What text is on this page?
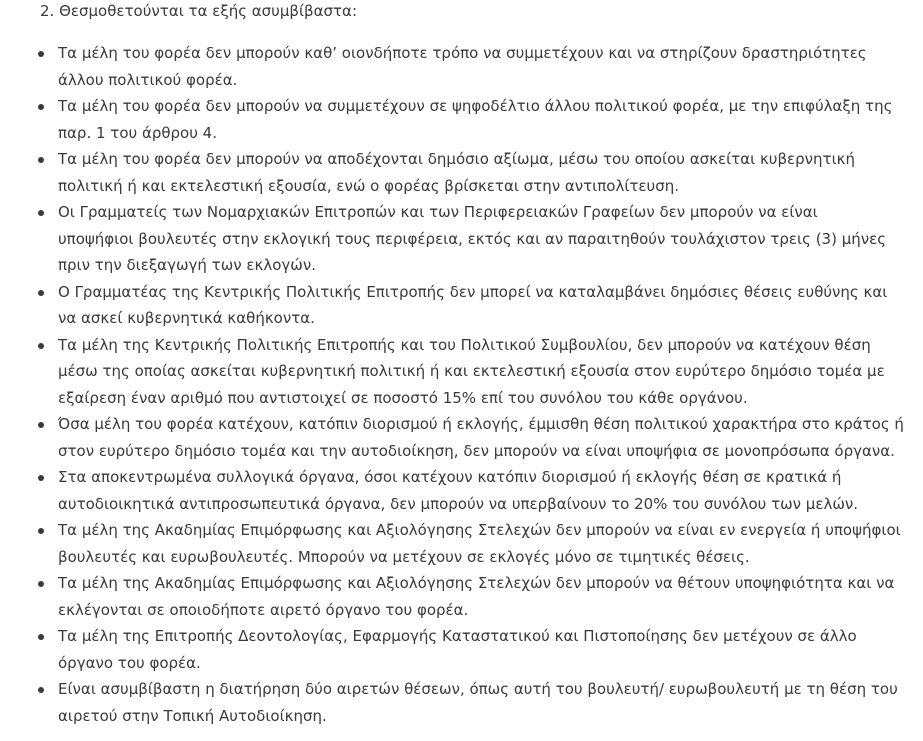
2. Θεσμοθετούνται τα εξής ασυμβίβαστα:
Τα μέλη του φορέα δεν μπορούν καθ’ οιονδήποτε τρόπο να συμμετέχουν και να στηρίζουν δραστηριότητες
άλλου πολιτικού φορέα.
Τα μέλη του φορέα δεν μπορούν να συμμετέχουν σε ψηφοδέλτιο άλλου πολιτικού φορέα, με την επιφύλαξη της
παρ. 1 του άρθρου 4.
Τα μέλη του φορέα δεν μπορούν να αποδέχονται δημόσιο αξίωμα, μέσω του οποίου ασκείται κυβερνητική
πολιτική ή και εκτελεστική εξουσία, ενώ ο φορέας βρίσκεται στην αντιπολίτευση.
Οι Γραμματείς των Νομαρχιακών Επιτροπών και των Περιφερειακών Γραφείων δεν μπορούν να είναι
υποψήφιοι βουλευτές στην εκλογική τους περιφέρεια, εκτός και αν παραιτηθούν τουλάχιστον τρεις (3) μήνες
πριν την διεξαγωγή των εκλογών.
Ο Γραμματέας της Κεντρικής Πολιτικής Επιτροπής δεν μπορεί να καταλαμβάνει δημόσιες θέσεις ευθύνης και
να ασκεί κυβερνητικά καθήκοντα.
Τα μέλη της Κεντρικής Πολιτικής Επιτροπής και του Πολιτικού Συμβουλίου, δεν μπορούν να κατέχουν θέση
μέσω της οποίας ασκείται κυβερνητική πολιτική ή και εκτελεστική εξουσία στον ευρύτερο δημόσιο τομέα με
εξαίρεση έναν αριθμό που αντιστοιχεί σε ποσοστό 15% επί του συνόλου του κάθε οργάνου.
Όσα μέλη του φορέα κατέχουν, κατόπιν διορισμού ή εκλογής, έμμισθη θέση πολιτικού χαρακτήρα στο κράτος ή
στον ευρύτερο δημόσιο τομέα και την αυτοδιοίκηση, δεν μπορούν να είναι υποψήφια σε μονοπρόσωπα όργανα.
Στα αποκεντρωμένα συλλογικά όργανα, όσοι κατέχουν κατόπιν διορισμού ή εκλογής θέση σε κρατικά ή
αυτοδιοικητικά αντιπροσωπευτικά όργανα, δεν μπορούν να υπερβαίνουν το 20% του συνόλου των μελών.
Τα μέλη της Ακαδημίας Επιμόρφωσης και Αξιολόγησης Στελεχών δεν μπορούν να είναι εν ενεργεία ή υποψήφιοι
βουλευτές και ευρωβουλευτές. Μπορούν να μετέχουν σε εκλογές μόνο σε τιμητικές θέσεις.
Τα μέλη της Ακαδημίας Επιμόρφωσης και Αξιολόγησης Στελεχών δεν μπορούν να θέτουν υποψηφιότητα και να
εκλέγονται σε οποιοδήποτε αιρετό όργανο του φορέα.
Τα μέλη της Επιτροπής Δεοντολογίας, Εφαρμογής Καταστατικού και Πιστοποίησης δεν μετέχουν σε άλλο
όργανο του φορέα.
Είναι ασυμβίβαστη η διατήρηση δύο αιρετών θέσεων, όπως αυτή του βουλευτή/ ευρωβουλευτή με τη θέση του
αιρετού στην Τοπική Αυτοδιοίκηση.
